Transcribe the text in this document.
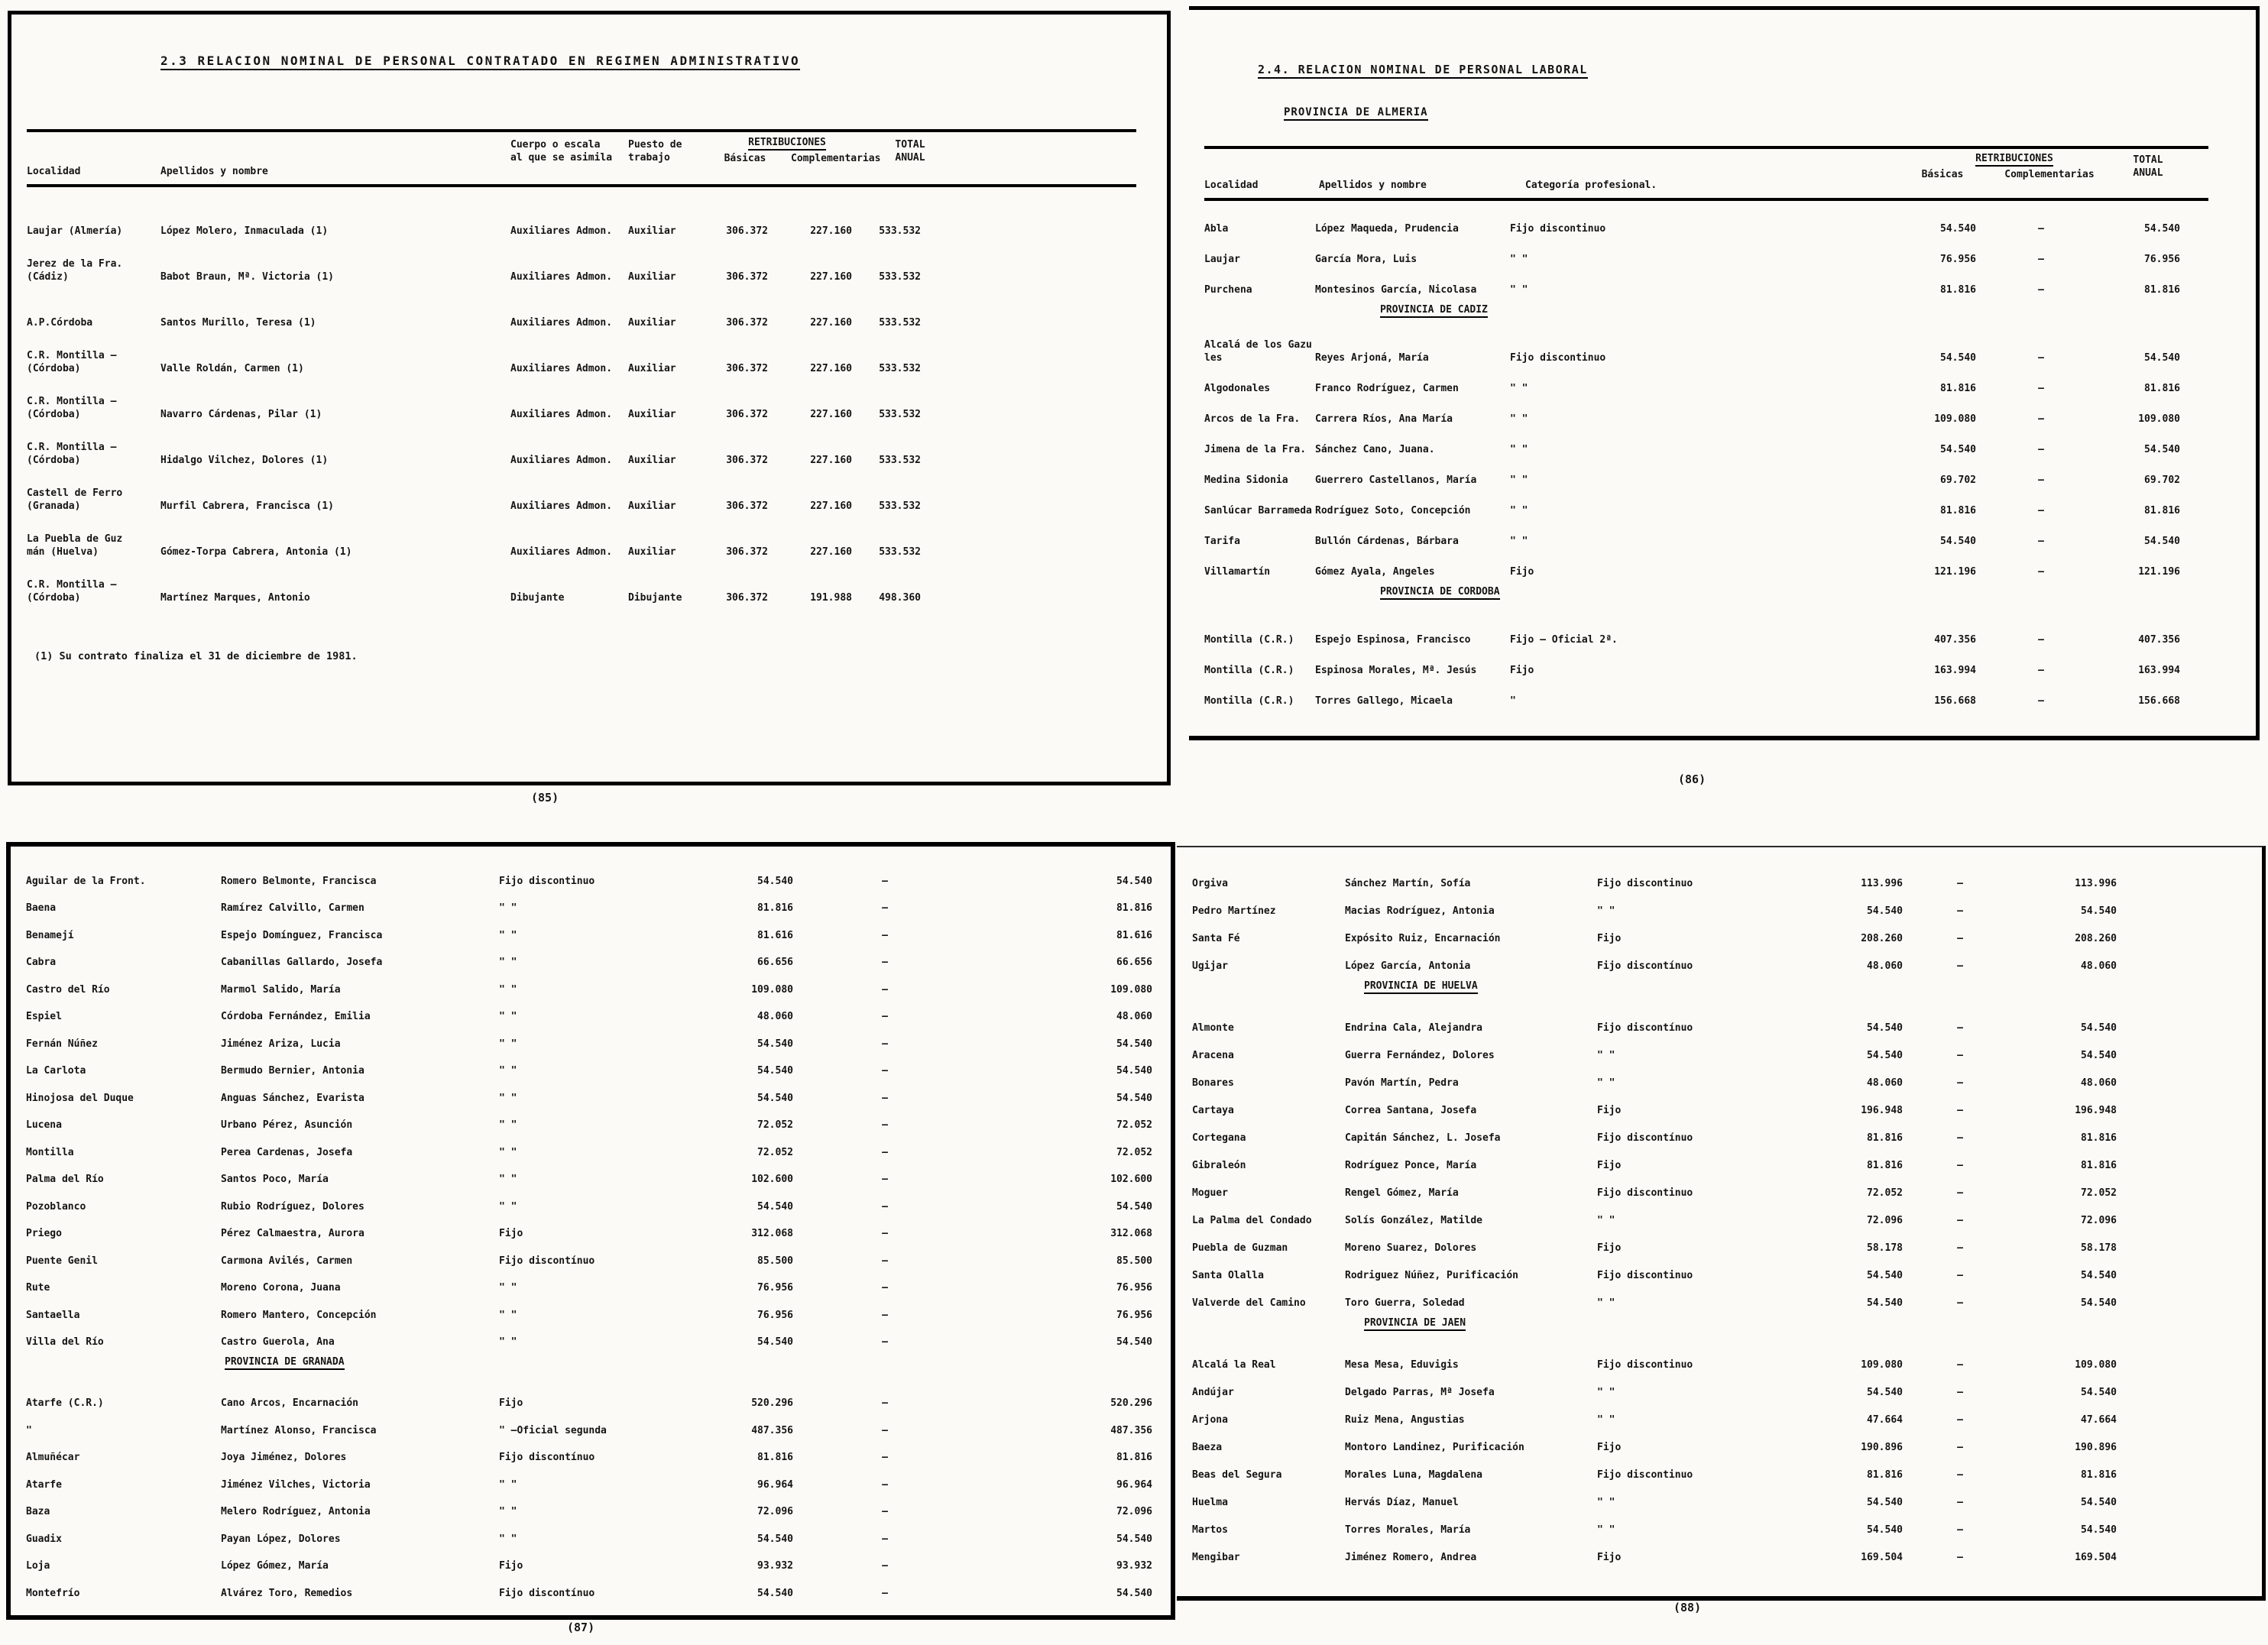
2.3 RELACION NOMINAL DE PERSONAL CONTRATADO EN REGIMEN ADMINISTRATIVO
Localidad	Apellidos y nombre
Cuerpo o escala
al que se asimila
Puesto de
trabajo
RETRIBUCIONES
Básicas	Complementarias
TOTAL
ANUAL
Laujar (Almería)	López Molero, Inmaculada (1)	Auxiliares Admon.	Auxiliar	306.372	227.160	533.532
Jerez de la Fra.
(Cádiz)	Babot Braun, Mª. Victoria (1)	Auxiliares Admon.	Auxiliar	306.372	227.160	533.532
A.P.Córdoba	Santos Murillo, Teresa (1)	Auxiliares Admon.	Auxiliar	306.372	227.160	533.532
C.R. Montilla —
(Córdoba)	Valle Roldán, Carmen (1)	Auxiliares Admon.	Auxiliar	306.372	227.160	533.532
C.R. Montilla —
(Córdoba)	Navarro Cárdenas, Pilar (1)	Auxiliares Admon.	Auxiliar	306.372	227.160	533.532
C.R. Montilla —
(Córdoba)	Hidalgo Vilchez, Dolores (1)	Auxiliares Admon.	Auxiliar	306.372	227.160	533.532
Castell de Ferro
(Granada)	Murfil Cabrera, Francisca (1)	Auxiliares Admon.	Auxiliar	306.372	227.160	533.532
La Puebla de Guz
mán (Huelva)	Gómez-Torpa Cabrera, Antonia (1)	Auxiliares Admon.	Auxiliar	306.372	227.160	533.532
C.R. Montilla —
(Córdoba)	Martínez Marques, Antonio	Dibujante	Dibujante	306.372	191.988	498.360
(1) Su contrato finaliza el 31 de diciembre de 1981.
2.4. RELACION NOMINAL DE PERSONAL LABORAL
PROVINCIA DE ALMERIA
Localidad	Apellidos y nombre	Categoría profesional.
RETRIBUCIONES
Básicas	Complementarias
TOTAL
ANUAL
Abla	López Maqueda, Prudencia	Fijo discontinuo	54.540	—	54.540
Laujar	García Mora, Luis	" "	76.956	—	76.956
Purchena	Montesinos García, Nicolasa	" "	81.816	—	81.816
PROVINCIA DE CADIZ
Alcalá de los Gazu
les	Reyes Arjoná, María	Fijo discontinuo	54.540	—	54.540
Algodonales	Franco Rodríguez, Carmen	" "	81.816	—	81.816
Arcos de la Fra.	Carrera Ríos, Ana María	" "	109.080	—	109.080
Jimena de la Fra. Sánchez Cano, Juana.	" "	54.540	—	54.540
Medina Sidonia	Guerrero Castellanos, María	" "	69.702	—	69.702
Sanlúcar Barrameda Rodríguez Soto, Concepción	" "	81.816	—	81.816
Tarifa	Bullón Cárdenas, Bárbara	" "	54.540	—	54.540
Villamartín	Gómez Ayala, Angeles	Fijo	121.196	—	121.196
PROVINCIA DE CORDOBA
Montilla (C.R.)	Espejo Espinosa, Francisco	Fijo – Oficial 2ª.	407.356	—	407.356
Montilla (C.R.)	Espinosa Morales, Mª. Jesús	Fijo	163.994	—	163.994
Montilla (C.R.)	Torres Gallego, Micaela	"	156.668	—	156.668
Aguilar de la Front.	Romero Belmonte, Francisca	Fijo discontinuo	54.540	—	54.540
Baena	Ramírez Calvillo, Carmen	" "	81.816	—	81.816
Benamejí	Espejo Domínguez, Francisca	" "	81.616	—	81.616
Cabra	Cabanillas Gallardo, Josefa	" "	66.656	—	66.656
Castro del Río	Marmol Salido, María	" "	109.080	—	109.080
Espiel	Córdoba Fernández, Emilia	" "	48.060	—	48.060
Fernán Núñez	Jiménez Ariza, Lucia	" "	54.540	—	54.540
La Carlota	Bermudo Bernier, Antonia	" "	54.540	—	54.540
Hinojosa del Duque	Anguas Sánchez, Evarista	" "	54.540	—	54.540
Lucena	Urbano Pérez, Asunción	" "	72.052	—	72.052
Montilla	Perea Cardenas, Josefa	" "	72.052	—	72.052
Palma del Río	Santos Poco, María	" "	102.600	—	102.600
Pozoblanco	Rubio Rodríguez, Dolores	" "	54.540	—	54.540
Priego	Pérez Calmaestra, Aurora	Fijo	312.068	—	312.068
Puente Genil	Carmona Avilés, Carmen	Fijo discontínuo	85.500	—	85.500
Rute	Moreno Corona, Juana	" "	76.956	—	76.956
Santaella	Romero Mantero, Concepción	" "	76.956	—	76.956
Villa del Río	Castro Guerola, Ana	" "	54.540	—	54.540
PROVINCIA DE GRANADA
Atarfe (C.R.)	Cano Arcos, Encarnación	Fijo	520.296	—	520.296
"	Martínez Alonso, Francisca	" –Oficial segunda	487.356	—	487.356
Almuñécar	Joya Jiménez, Dolores	Fijo discontínuo	81.816	—	81.816
Atarfe	Jiménez Vilches, Victoria	" "	96.964	—	96.964
Baza	Melero Rodríguez, Antonia	" "	72.096	—	72.096
Guadix	Payan López, Dolores	" "	54.540	—	54.540
Loja	López Gómez, María	Fijo	93.932	—	93.932
Montefrío	Alvárez Toro, Remedios	Fijo discontínuo	54.540	—	54.540
Orgiva	Sánchez Martín, Sofía	Fijo discontinuo	113.996	—	113.996
Pedro Martínez	Macias Rodríguez, Antonia	" "	54.540	—	54.540
Santa Fé	Expósito Ruiz, Encarnación	Fijo	208.260	—	208.260
Ugijar	López García, Antonia	Fijo discontínuo	48.060	—	48.060
PROVINCIA DE HUELVA
Almonte	Endrina Cala, Alejandra	Fijo discontínuo	54.540	—	54.540
Aracena	Guerra Fernández, Dolores	" "	54.540	—	54.540
Bonares	Pavón Martín, Pedra	" "	48.060	—	48.060
Cartaya	Correa Santana, Josefa	Fijo	196.948	—	196.948
Cortegana	Capitán Sánchez, L. Josefa	Fijo discontínuo	81.816	—	81.816
Gibraleón	Rodríguez Ponce, María	Fijo	81.816	—	81.816
Moguer	Rengel Gómez, María	Fijo discontinuo	72.052	—	72.052
La Palma del Condado	Solís González, Matilde	" "	72.096	—	72.096
Puebla de Guzman	Moreno Suarez, Dolores	Fijo	58.178	—	58.178
Santa Olalla	Rodriguez Núñez, Purificación	Fijo discontinuo	54.540	—	54.540
Valverde del Camino	Toro Guerra, Soledad	" "	54.540	—	54.540
PROVINCIA DE JAEN
Alcalá la Real	Mesa Mesa, Eduvigis	Fijo discontinuo	109.080	—	109.080
Andújar	Delgado Parras, Mª Josefa	" "	54.540	—	54.540
Arjona	Ruiz Mena, Angustias	" "	47.664	—	47.664
Baeza	Montoro Landinez, Purificación	Fijo	190.896	—	190.896
Beas del Segura	Morales Luna, Magdalena	Fijo discontinuo	81.816	—	81.816
Huelma	Hervás Díaz, Manuel	" "	54.540	—	54.540
Martos	Torres Morales, María	" "	54.540	—	54.540
Mengibar	Jiménez Romero, Andrea	Fijo	169.504	—	169.504
(85)
(86)
(87)
(88)
